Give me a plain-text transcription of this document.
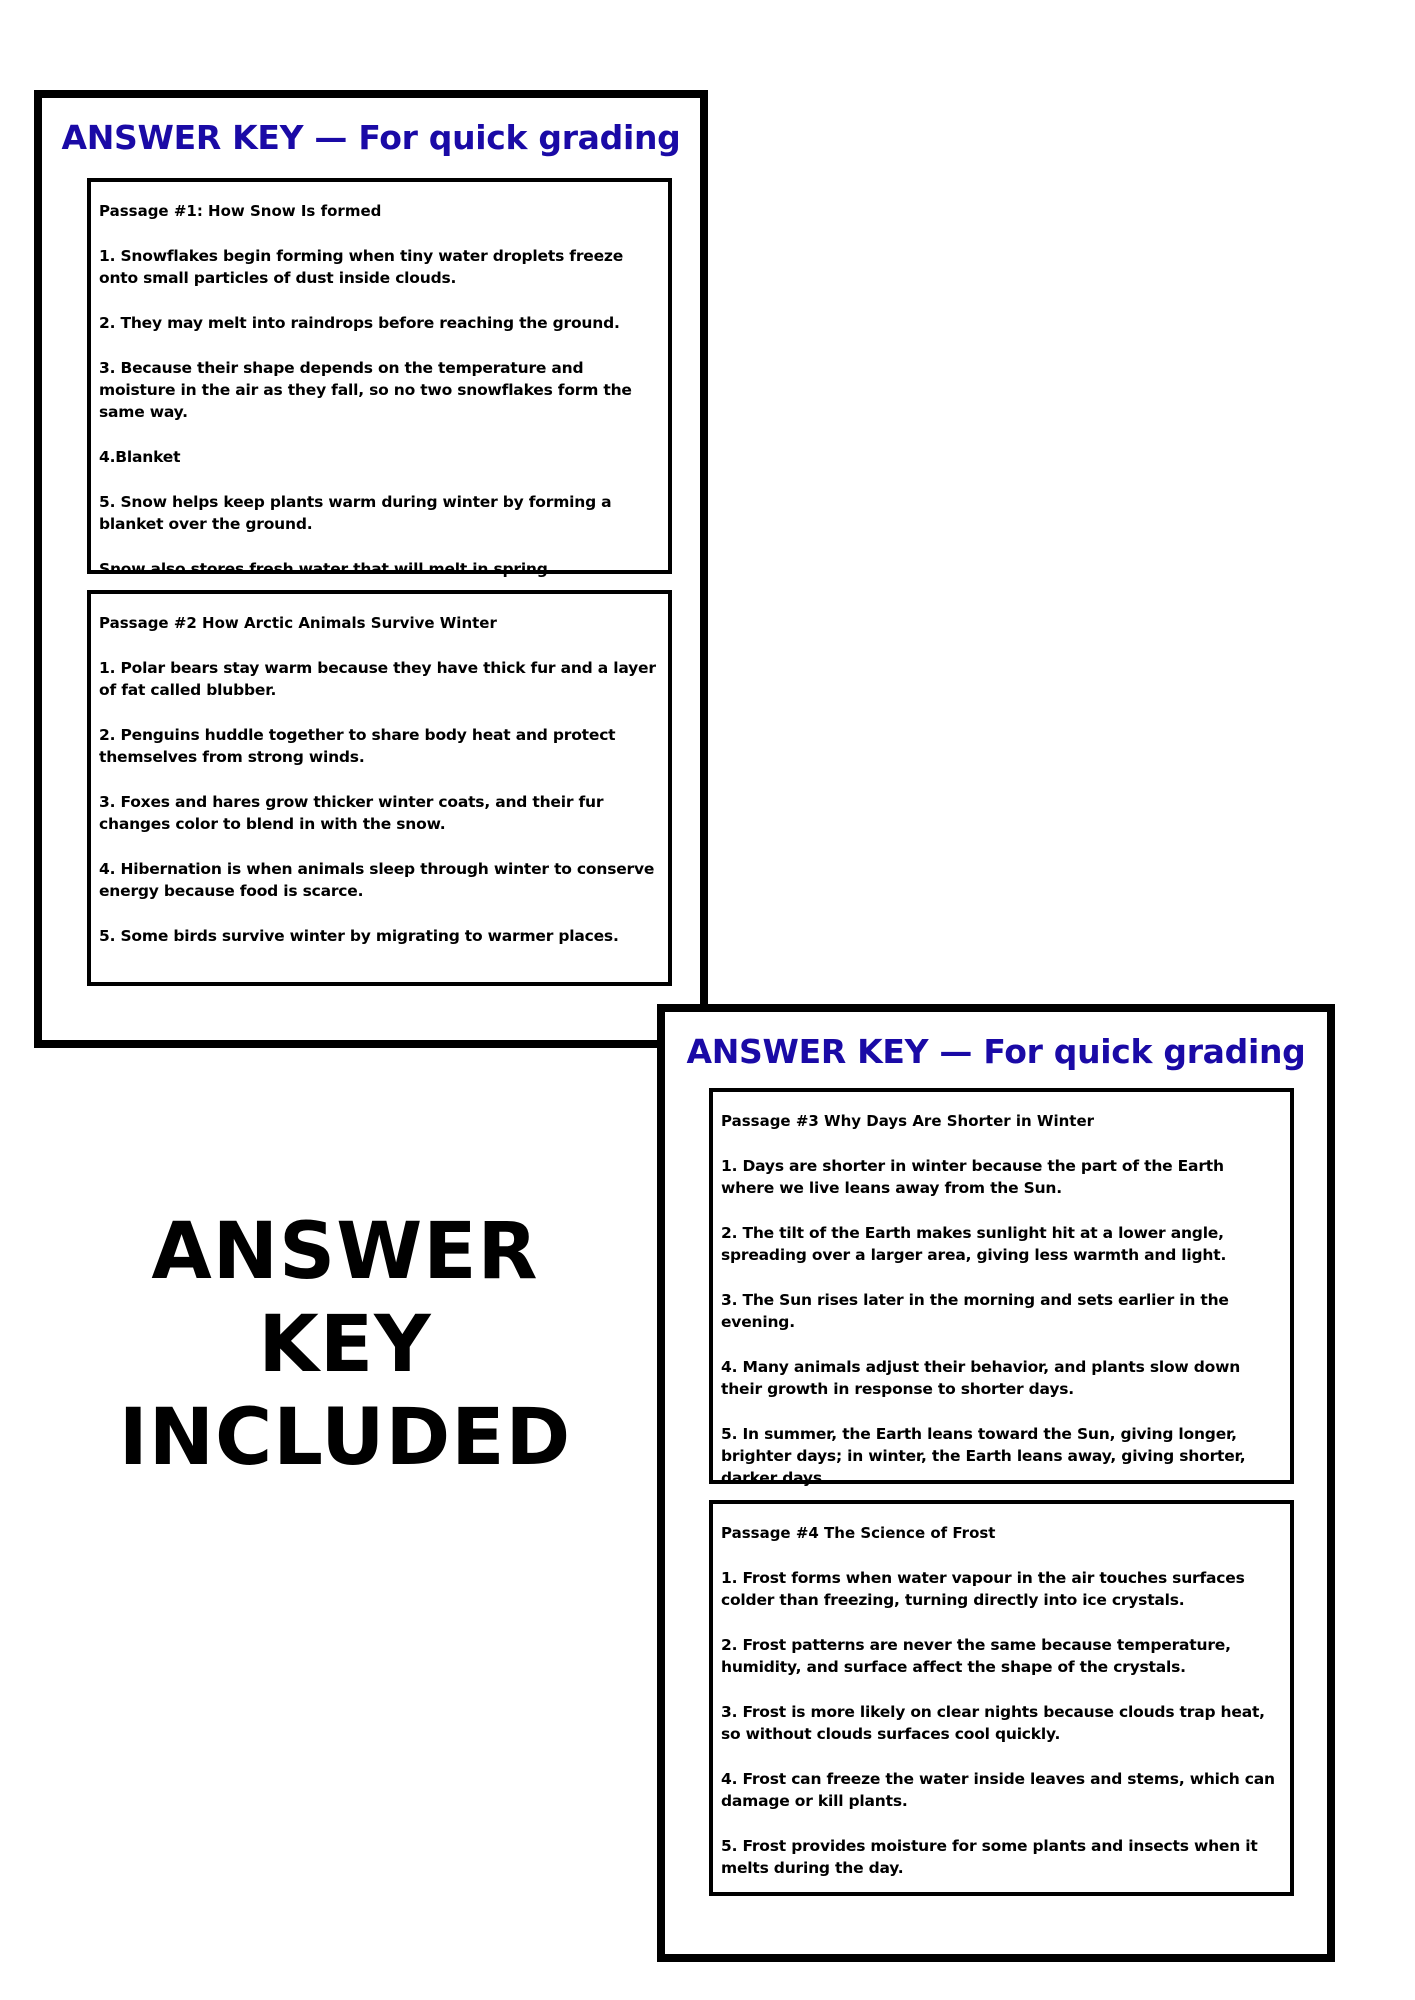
ANSWER KEY — For quick grading
Passage #1: How Snow Is formed
1. Snowflakes begin forming when tiny water droplets freeze onto small particles of dust inside clouds.
2. They may melt into raindrops before reaching the ground.
3. Because their shape depends on the temperature and moisture in the air as they fall, so no two snowflakes form the same way.
4.Blanket
5. Snow helps keep plants warm during winter by forming a blanket over the ground.
Snow also stores fresh water that will melt in spring.
Passage #2 How Arctic Animals Survive Winter
1. Polar bears stay warm because they have thick fur and a layer of fat called blubber.
2. Penguins huddle together to share body heat and protect themselves from strong winds.
3. Foxes and hares grow thicker winter coats, and their fur changes color to blend in with the snow.
4. Hibernation is when animals sleep through winter to conserve energy because food is scarce.
5. Some birds survive winter by migrating to warmer places.
ANSWER
KEY
INCLUDED
ANSWER KEY — For quick grading
Passage #3 Why Days Are Shorter in Winter
1. Days are shorter in winter because the part of the Earth where we live leans away from the Sun.
2. The tilt of the Earth makes sunlight hit at a lower angle, spreading over a larger area, giving less warmth and light.
3. The Sun rises later in the morning and sets earlier in the evening.
4. Many animals adjust their behavior, and plants slow down their growth in response to shorter days.
5. In summer, the Earth leans toward the Sun, giving longer, brighter days; in winter, the Earth leans away, giving shorter, darker days.
Passage #4 The Science of Frost
1. Frost forms when water vapour in the air touches surfaces colder than freezing, turning directly into ice crystals.
2. Frost patterns are never the same because temperature, humidity, and surface affect the shape of the crystals.
3. Frost is more likely on clear nights because clouds trap heat, so without clouds surfaces cool quickly.
4. Frost can freeze the water inside leaves and stems, which can damage or kill plants.
5. Frost provides moisture for some plants and insects when it melts during the day.
